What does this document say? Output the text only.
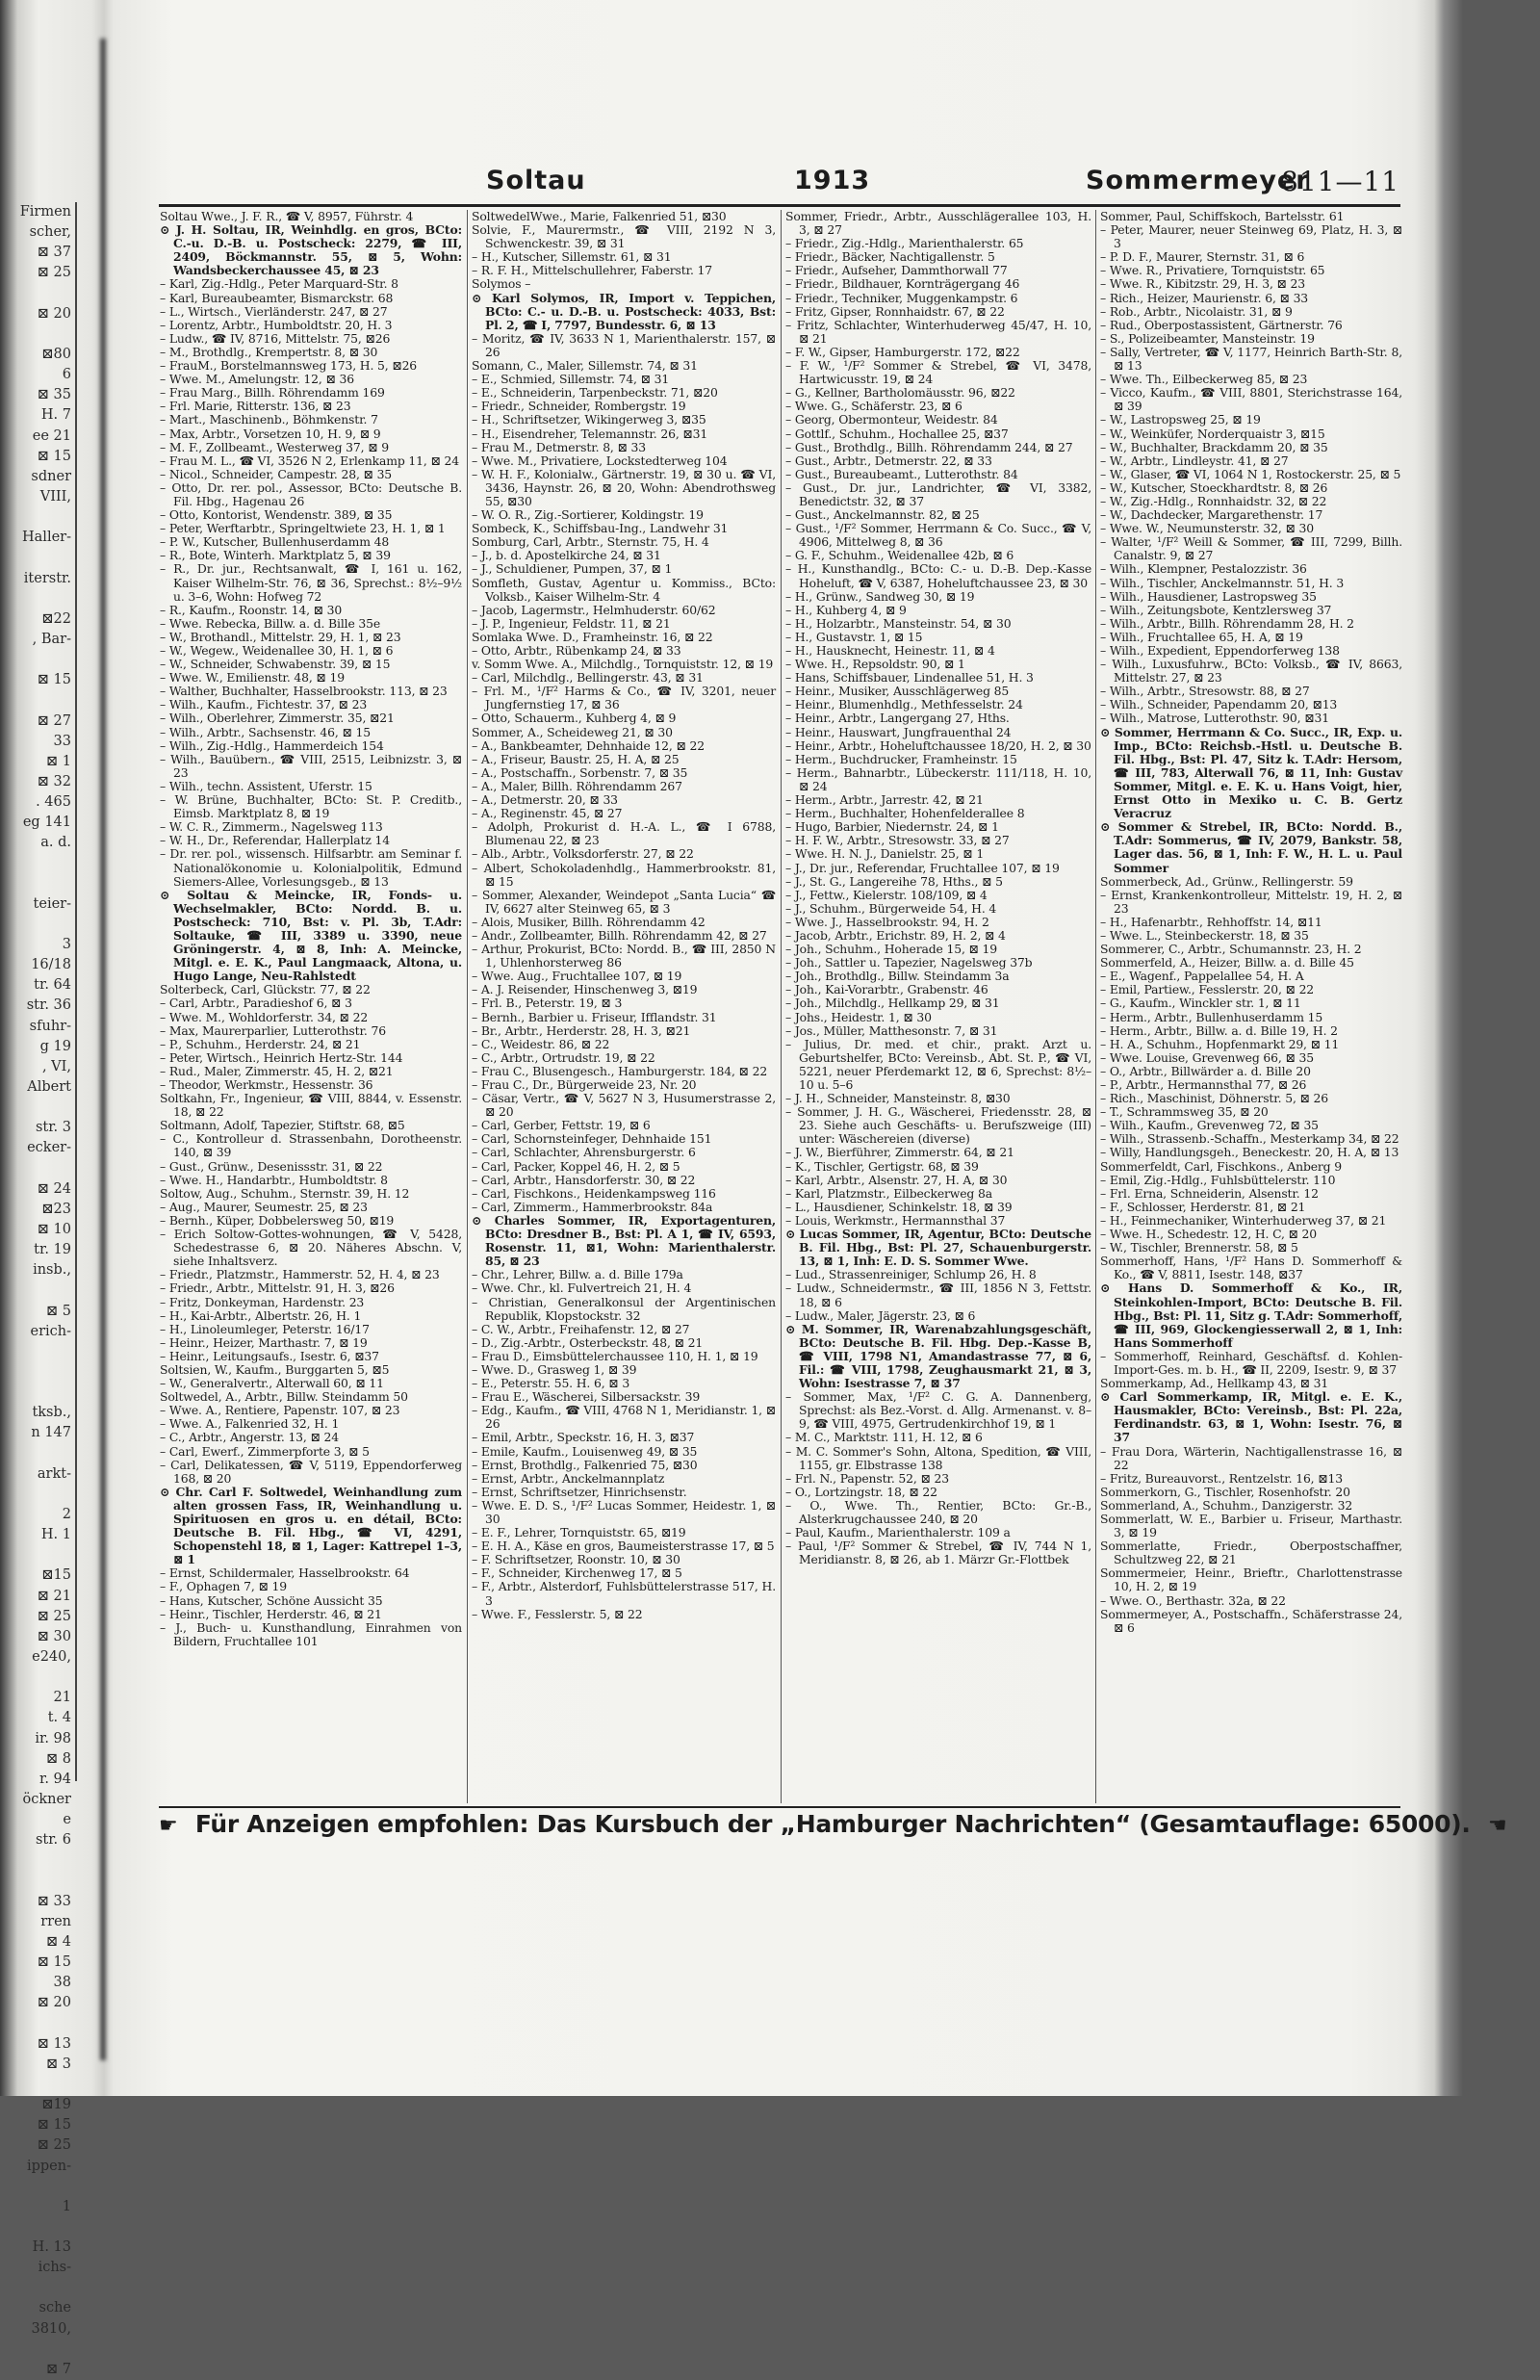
Firmen
scher,
⊠ 37
⊠ 25
⊠ 20
⊠80
6
⊠ 35
H. 7
ee 21
⊠ 15
sdner
VIII,
Haller-
iterstr.
⊠22
, Bar-
⊠ 15
⊠ 27
33
⊠ 1
⊠ 32
. 465
eg 141
a. d.
teier-
3
16/18
tr. 64
str. 36
sfuhr-
g 19
, VI,
Albert
str. 3
ecker-
⊠ 24
⊠23
⊠ 10
tr. 19
insb.,
⊠ 5
erich-
tksb.,
n 147
arkt-
2
H. 1
⊠15
⊠ 21
⊠ 25
⊠ 30
e240,
21
t. 4
ir. 98
⊠ 8
r. 94
öckner
e
str. 6
⊠ 33
rren
⊠ 4
⊠ 15
38
⊠ 20
⊠ 13
⊠ 3
⊠19
⊠ 15
⊠ 25
ippen-
1
H. 13
ichs-
sche
3810,
⊠ 7
Soltau	1913	Sommermeyer
811—11

Soltau Wwe., J. F. R., ☎ V, 8957, Führstr. 4

⊙ J. H. Soltau, IR, Weinhdlg. en gros, BCto: C.-u. D.-B. u. Postscheck: 2279, ☎ III, 2409, Böckmannstr. 55, ⊠ 5, Wohn: Wandsbeckerchaussee 45, ⊠ 23

– Karl, Zig.-Hdlg., Peter Marquard-Str. 8

– Karl, Bureaubeamter, Bismarckstr. 68

– L., Wirtsch., Vierländerstr. 247, ⊠ 27

– Lorentz, Arbtr., Humboldtstr. 20, H. 3

– Ludw., ☎ IV, 8716, Mittelstr. 75, ⊠26

– M., Brothdlg., Krempertstr. 8, ⊠ 30

– FrauM., Borstelmannsweg 173, H. 5, ⊠26

– Wwe. M., Amelungstr. 12, ⊠ 36

– Frau Marg., Billh. Röhrendamm 169

– Frl. Marie, Ritterstr. 136, ⊠ 23

– Mart., Maschinenb., Böhmkenstr. 7

– Max, Arbtr., Vorsetzen 10, H. 9, ⊠ 9

– M. F., Zollbeamt., Westerweg 37, ⊠ 9

– Frau M. L., ☎ VI, 3526 N 2, Erlenkamp 11, ⊠ 24

– Nicol., Schneider, Campestr. 28, ⊠ 35

– Otto, Dr. rer. pol., Assessor, BCto: Deutsche B. Fil. Hbg., Hagenau 26

– Otto, Kontorist, Wendenstr. 389, ⊠ 35

– Peter, Werftarbtr., Springeltwiete 23, H. 1, ⊠ 1

– P. W., Kutscher, Bullenhuserdamm 48

– R., Bote, Winterh. Marktplatz 5, ⊠ 39

– R., Dr. jur., Rechtsanwalt, ☎ I, 161 u. 162, Kaiser Wilhelm-Str. 76, ⊠ 36, Sprechst.: 8½–9½ u. 3–6, Wohn: Hofweg 72

– R., Kaufm., Roonstr. 14, ⊠ 30

– Wwe. Rebecka, Billw. a. d. Bille 35e

– W., Brothandl., Mittelstr. 29, H. 1, ⊠ 23

– W., Wegew., Weidenallee 30, H. 1, ⊠ 6

– W., Schneider, Schwabenstr. 39, ⊠ 15

– Wwe. W., Emilienstr. 48, ⊠ 19

– Walther, Buchhalter, Hasselbrookstr. 113, ⊠ 23

– Wilh., Kaufm., Fichtestr. 37, ⊠ 23

– Wilh., Oberlehrer, Zimmerstr. 35, ⊠21

– Wilh., Arbtr., Sachsenstr. 46, ⊠ 15

– Wilh., Zig.-Hdlg., Hammerdeich 154

– Wilh., Bauübern., ☎ VIII, 2515, Leibnizstr. 3, ⊠ 23

– Wilh., techn. Assistent, Uferstr. 15

– W. Brüne, Buchhalter, BCto: St. P. Creditb., Eimsb. Marktplatz 8, ⊠ 19

– W. C. R., Zimmerm., Nagelsweg 113

– W. H., Dr., Referendar, Hallerplatz 14

– Dr. rer. pol., wissensch. Hilfsarbtr. am Seminar f. Nationalökonomie u. Kolonialpolitik, Edmund Siemers-Allee, Vorlesungsgeb., ⊠ 13

⊙ Soltau & Meincke, IR, Fonds- u. Wechselmakler, BCto: Nordd. B. u. Postscheck: 710, Bst: v. Pl. 3b, T.Adr: Soltauke, ☎ III, 3389 u. 3390, neue Gröningerstr. 4, ⊠ 8, Inh: A. Meincke, Mitgl. e. E. K., Paul Langmaack, Altona, u. Hugo Lange, Neu-Rahlstedt

Solterbeck, Carl, Glückstr. 77, ⊠ 22

– Carl, Arbtr., Paradieshof 6, ⊠ 3

– Wwe. M., Wohldorferstr. 34, ⊠ 22

– Max, Maurerparlier, Lutterothstr. 76

– P., Schuhm., Herderstr. 24, ⊠ 21

– Peter, Wirtsch., Heinrich Hertz-Str. 144

– Rud., Maler, Zimmerstr. 45, H. 2, ⊠21

– Theodor, Werkmstr., Hessenstr. 36

Soltkahn, Fr., Ingenieur, ☎ VIII, 8844, v. Essenstr. 18, ⊠ 22

Soltmann, Adolf, Tapezier, Stiftstr. 68, ⊠5

– C., Kontrolleur d. Strassenbahn, Dorotheenstr. 140, ⊠ 39

– Gust., Grünw., Desenissstr. 31, ⊠ 22

– Wwe. H., Handarbtr., Humboldtstr. 8

Soltow, Aug., Schuhm., Sternstr. 39, H. 12

– Aug., Maurer, Seumestr. 25, ⊠ 23

– Bernh., Küper, Dobbelersweg 50, ⊠19

– Erich Soltow-Gottes-wohnungen, ☎ V, 5428, Schedestrasse 6, ⊠ 20. Näheres Abschn. V, siehe Inhaltsverz.

– Friedr., Platzmstr., Hammerstr. 52, H. 4, ⊠ 23

– Friedr., Arbtr., Mittelstr. 91, H. 3, ⊠26

– Fritz, Donkeyman, Hardenstr. 23

– H., Kai-Arbtr., Albertstr. 26, H. 1

– H., Linoleumleger, Peterstr. 16/17

– Heinr., Heizer, Marthastr. 7, ⊠ 19

– Heinr., Leitungsaufs., Isestr. 6, ⊠37

Soltsien, W., Kaufm., Burggarten 5, ⊠5

– W., Generalvertr., Alterwall 60, ⊠ 11

Soltwedel, A., Arbtr., Billw. Steindamm 50

– Wwe. A., Rentiere, Papenstr. 107, ⊠ 23

– Wwe. A., Falkenried 32, H. 1

– C., Arbtr., Angerstr. 13, ⊠ 24

– Carl, Ewerf., Zimmerpforte 3, ⊠ 5

– Carl, Delikatessen, ☎ V, 5119, Eppendorferweg 168, ⊠ 20

⊙ Chr. Carl F. Soltwedel, Weinhandlung zum alten grossen Fass, IR, Weinhandlung u. Spirituosen en gros u. en détail, BCto: Deutsche B. Fil. Hbg., ☎ VI, 4291, Schopenstehl 18, ⊠ 1, Lager: Kattrepel 1–3, ⊠ 1

– Ernst, Schildermaler, Hasselbrookstr. 64

– F., Ophagen 7, ⊠ 19

– Hans, Kutscher, Schöne Aussicht 35

– Heinr., Tischler, Herderstr. 46, ⊠ 21

– J., Buch- u. Kunsthandlung, Einrahmen von Bildern, Fruchtallee 101

SoltwedelWwe., Marie, Falkenried 51, ⊠30

Solvie, F., Maurermstr., ☎ VIII, 2192 N 3, Schwenckestr. 39, ⊠ 31

– H., Kutscher, Sillemstr. 61, ⊠ 31

– R. F. H., Mittelschullehrer, Faberstr. 17

Solymos –

⊙ Karl Solymos, IR, Import v. Teppichen, BCto: C.- u. D.-B. u. Postscheck: 4033, Bst: Pl. 2, ☎ I, 7797, Bundesstr. 6, ⊠ 13

– Moritz, ☎ IV, 3633 N 1, Marienthalerstr. 157, ⊠ 26

Somann, C., Maler, Sillemstr. 74, ⊠ 31

– E., Schmied, Sillemstr. 74, ⊠ 31

– E., Schneiderin, Tarpenbeckstr. 71, ⊠20

– Friedr., Schneider, Rombergstr. 19

– H., Schriftsetzer, Wikingerweg 3, ⊠35

– H., Eisendreher, Telemannstr. 26, ⊠31

– Frau M., Detmerstr. 8, ⊠ 33

– Wwe. M., Privatiere, Lockstedterweg 104

– W. H. F., Kolonialw., Gärtnerstr. 19, ⊠ 30 u. ☎ VI, 3436, Haynstr. 26, ⊠ 20, Wohn: Abendrothsweg 55, ⊠30

– W. O. R., Zig.-Sortierer, Koldingstr. 19

Sombeck, K., Schiffsbau-Ing., Landwehr 31

Somburg, Carl, Arbtr., Sternstr. 75, H. 4

– J., b. d. Apostelkirche 24, ⊠ 31

– J., Schuldiener, Pumpen, 37, ⊠ 1

Somfleth, Gustav, Agentur u. Kommiss., BCto: Volksb., Kaiser Wilhelm-Str. 4

– Jacob, Lagermstr., Helmhuderstr. 60/62

– J. P., Ingenieur, Feldstr. 11, ⊠ 21

Somlaka Wwe. D., Framheinstr. 16, ⊠ 22

– Otto, Arbtr., Rübenkamp 24, ⊠ 33

v. Somm Wwe. A., Milchdlg., Tornquiststr. 12, ⊠ 19

– Carl, Milchdlg., Bellingerstr. 43, ⊠ 31

– Frl. M., ¹/F² Harms & Co., ☎ IV, 3201, neuer Jungfernstieg 17, ⊠ 36

– Otto, Schauerm., Kuhberg 4, ⊠ 9

Sommer, A., Scheideweg 21, ⊠ 30

– A., Bankbeamter, Dehnhaide 12, ⊠ 22

– A., Friseur, Baustr. 25, H. A, ⊠ 25

– A., Postschaffn., Sorbenstr. 7, ⊠ 35

– A., Maler, Billh. Röhrendamm 267

– A., Detmerstr. 20, ⊠ 33

– A., Reginenstr. 45, ⊠ 27

– Adolph, Prokurist d. H.-A. L., ☎ I 6788, Blumenau 22, ⊠ 23

– Alb., Arbtr., Volksdorferstr. 27, ⊠ 22

– Albert, Schokoladenhdlg., Hammerbrookstr. 81, ⊠ 15

– Sommer, Alexander, Weindepot „Santa Lucia“ ☎ IV, 6627 alter Steinweg 65, ⊠ 3

– Alois, Musiker, Billh. Röhrendamm 42

– Andr., Zollbeamter, Billh. Röhrendamm 42, ⊠ 27

– Arthur, Prokurist, BCto: Nordd. B., ☎ III, 2850 N 1, Uhlenhorsterweg 86

– Wwe. Aug., Fruchtallee 107, ⊠ 19

– A. J. Reisender, Hinschenweg 3, ⊠19

– Frl. B., Peterstr. 19, ⊠ 3

– Bernh., Barbier u. Friseur, Ifflandstr. 31

– Br., Arbtr., Herderstr. 28, H. 3, ⊠21

– C., Weidestr. 86, ⊠ 22

– C., Arbtr., Ortrudstr. 19, ⊠ 22

– Frau C., Blusengesch., Hamburgerstr. 184, ⊠ 22

– Frau C., Dr., Bürgerweide 23, Nr. 20

– Cäsar, Vertr., ☎ V, 5627 N 3, Husumerstrasse 2, ⊠ 20

– Carl, Gerber, Fettstr. 19, ⊠ 6

– Carl, Schornsteinfeger, Dehnhaide 151

– Carl, Schlachter, Ahrensburgerstr. 6

– Carl, Packer, Koppel 46, H. 2, ⊠ 5

– Carl, Arbtr., Hansdorferstr. 30, ⊠ 22

– Carl, Fischkons., Heidenkampsweg 116

– Carl, Zimmerm., Hammerbrookstr. 84a

⊙ Charles Sommer, IR, Exportagenturen, BCto: Dresdner B., Bst: Pl. A 1, ☎ IV, 6593, Rosenstr. 11, ⊠1, Wohn: Marienthalerstr. 85, ⊠ 23

– Chr., Lehrer, Billw. a. d. Bille 179a

– Wwe. Chr., kl. Fulvertreich 21, H. 4

– Christian, Generalkonsul der Argentinischen Republik, Klopstockstr. 32

– C. W., Arbtr., Freihafenstr. 12, ⊠ 27

– D., Zig.-Arbtr., Osterbeckstr. 48, ⊠ 21

– Frau D., Eimsbüttelerchaussee 110, H. 1, ⊠ 19

– Wwe. D., Grasweg 1, ⊠ 39

– E., Peterstr. 55. H. 6, ⊠ 3

– Frau E., Wäscherei, Silbersackstr. 39

– Edg., Kaufm., ☎ VIII, 4768 N 1, Meridianstr. 1, ⊠ 26

– Emil, Arbtr., Speckstr. 16, H. 3, ⊠37

– Emile, Kaufm., Louisenweg 49, ⊠ 35

– Ernst, Brothdlg., Falkenried 75, ⊠30

– Ernst, Arbtr., Anckelmannplatz

– Ernst, Schriftsetzer, Hinrichsenstr.

– Wwe. E. D. S., ¹/F² Lucas Sommer, Heidestr. 1, ⊠ 30

– E. F., Lehrer, Tornquiststr. 65, ⊠19

– E. H. A., Käse en gros, Baumeisterstrasse 17, ⊠ 5

– F. Schriftsetzer, Roonstr. 10, ⊠ 30

– F., Schneider, Kirchenweg 17, ⊠ 5

– F., Arbtr., Alsterdorf, Fuhlsbüttelerstrasse 517, H. 3

– Wwe. F., Fesslerstr. 5, ⊠ 22

Sommer, Friedr., Arbtr., Ausschlägerallee 103, H. 3, ⊠ 27

– Friedr., Zig.-Hdlg., Marienthalerstr. 65

– Friedr., Bäcker, Nachtigallenstr. 5

– Friedr., Aufseher, Dammthorwall 77

– Friedr., Bildhauer, Kornträgergang 46

– Friedr., Techniker, Muggenkampstr. 6

– Fritz, Gipser, Ronnhaidstr. 67, ⊠ 22

– Fritz, Schlachter, Winterhuderweg 45/47, H. 10, ⊠ 21

– F. W., Gipser, Hamburgerstr. 172, ⊠22

– F. W., ¹/F² Sommer & Strebel, ☎ VI, 3478, Hartwicusstr. 19, ⊠ 24

– G., Kellner, Bartholomäusstr. 96, ⊠22

– Wwe. G., Schäferstr. 23, ⊠ 6

– Georg, Obermonteur, Weidestr. 84

– Gottlf., Schuhm., Hochallee 25, ⊠37

– Gust., Brothdlg., Billh. Röhrendamm 244, ⊠ 27

– Gust., Arbtr., Detmerstr. 22, ⊠ 33

– Gust., Bureaubeamt., Lutterothstr. 84

– Gust., Dr. jur., Landrichter, ☎ VI, 3382, Benedictstr. 32, ⊠ 37

– Gust., Anckelmannstr. 82, ⊠ 25

– Gust., ¹/F² Sommer, Herrmann & Co. Succ., ☎ V, 4906, Mittelweg 8, ⊠ 36

– G. F., Schuhm., Weidenallee 42b, ⊠ 6

– H., Kunsthandlg., BCto: C.- u. D.-B. Dep.-Kasse Hoheluft, ☎ V, 6387, Hoheluftchaussee 23, ⊠ 30

– H., Grünw., Sandweg 30, ⊠ 19

– H., Kuhberg 4, ⊠ 9

– H., Holzarbtr., Mansteinstr. 54, ⊠ 30

– H., Gustavstr. 1, ⊠ 15

– H., Hausknecht, Heinestr. 11, ⊠ 4

– Wwe. H., Repsoldstr. 90, ⊠ 1

– Hans, Schiffsbauer, Lindenallee 51, H. 3

– Heinr., Musiker, Ausschlägerweg 85

– Heinr., Blumenhdlg., Methfesselstr. 24

– Heinr., Arbtr., Langergang 27, Hths.

– Heinr., Hauswart, Jungfrauenthal 24

– Heinr., Arbtr., Hoheluftchaussee 18/20, H. 2, ⊠ 30

– Herm., Buchdrucker, Framheinstr. 15

– Herm., Bahnarbtr., Lübeckerstr. 111/118, H. 10, ⊠ 24

– Herm., Arbtr., Jarrestr. 42, ⊠ 21

– Herm., Buchhalter, Hohenfelderallee 8

– Hugo, Barbier, Niedernstr. 24, ⊠ 1

– H. F. W., Arbtr., Stresowstr. 33, ⊠ 27

– Wwe. H. N. J., Danielstr. 25, ⊠ 1

– J., Dr. jur., Referendar, Fruchtallee 107, ⊠ 19

– J., St. G., Langereihe 78, Hths., ⊠ 5

– J., Fettw., Kielerstr. 108/109, ⊠ 4

– J., Schuhm., Bürgerweide 54, H. 4

– Wwe. J., Hasselbrookstr. 94, H. 2

– Jacob, Arbtr., Erichstr. 89, H. 2, ⊠ 4

– Joh., Schuhm., Hoherade 15, ⊠ 19

– Joh., Sattler u. Tapezier, Nagelsweg 37b

– Joh., Brothdlg., Billw. Steindamm 3a

– Joh., Kai-Vorarbtr., Grabenstr. 46

– Joh., Milchdlg., Hellkamp 29, ⊠ 31

– Johs., Heidestr. 1, ⊠ 30

– Jos., Müller, Matthesonstr. 7, ⊠ 31

– Julius, Dr. med. et chir., prakt. Arzt u. Geburtshelfer, BCto: Vereinsb., Abt. St. P., ☎ VI, 5221, neuer Pferdemarkt 12, ⊠ 6, Sprechst: 8½–10 u. 5–6

– J. H., Schneider, Mansteinstr. 8, ⊠30

– Sommer, J. H. G., Wäscherei, Friedensstr. 28, ⊠ 23. Siehe auch Geschäfts- u. Berufszweige (III) unter: Wäschereien (diverse)

– J. W., Bierführer, Zimmerstr. 64, ⊠ 21

– K., Tischler, Gertigstr. 68, ⊠ 39

– Karl, Arbtr., Alsenstr. 27, H. A, ⊠ 30

– Karl, Platzmstr., Eilbeckerweg 8a

– L., Hausdiener, Schinkelstr. 18, ⊠ 39

– Louis, Werkmstr., Hermannsthal 37

⊙ Lucas Sommer, IR, Agentur, BCto: Deutsche B. Fil. Hbg., Bst: Pl. 27, Schauenburgerstr. 13, ⊠ 1, Inh: E. D. S. Sommer Wwe.

– Lud., Strassenreiniger, Schlump 26, H. 8

– Ludw., Schneidermstr., ☎ III, 1856 N 3, Fettstr. 18, ⊠ 6

– Ludw., Maler, Jägerstr. 23, ⊠ 6

⊙ M. Sommer, IR, Warenabzahlungsgeschäft, BCto: Deutsche B. Fil. Hbg. Dep.-Kasse B, ☎ VIII, 1798 N1, Amandastrasse 77, ⊠ 6, Fil.: ☎ VIII, 1798, Zeughausmarkt 21, ⊠ 3, Wohn: Isestrasse 7, ⊠ 37

– Sommer, Max, ¹/F² C. G. A. Dannenberg, Sprechst: als Bez.-Vorst. d. Allg. Armenanst. v. 8–9, ☎ VIII, 4975, Gertrudenkirchhof 19, ⊠ 1

– M. C., Marktstr. 111, H. 12, ⊠ 6

– M. C. Sommer's Sohn, Altona, Spedition, ☎ VIII, 1155, gr. Elbstrasse 138

– Frl. N., Papenstr. 52, ⊠ 23

– O., Lortzingstr. 18, ⊠ 22

– O., Wwe. Th., Rentier, BCto: Gr.-B., Alsterkrugchaussee 240, ⊠ 20

– Paul, Kaufm., Marienthalerstr. 109 a

– Paul, ¹/F² Sommer & Strebel, ☎ IV, 744 N 1, Meridianstr. 8, ⊠ 26, ab 1. Märzr Gr.-Flottbek

Sommer, Paul, Schiffskoch, Bartelsstr. 61

– Peter, Maurer, neuer Steinweg 69, Platz, H. 3, ⊠ 3

– P. D. F., Maurer, Sternstr. 31, ⊠ 6

– Wwe. R., Privatiere, Tornquiststr. 65

– Wwe. R., Kibitzstr. 29, H. 3, ⊠ 23

– Rich., Heizer, Maurienstr. 6, ⊠ 33

– Rob., Arbtr., Nicolaistr. 31, ⊠ 9

– Rud., Oberpostassistent, Gärtnerstr. 76

– S., Polizeibeamter, Mansteinstr. 19

– Sally, Vertreter, ☎ V, 1177, Heinrich Barth-Str. 8, ⊠ 13

– Wwe. Th., Eilbeckerweg 85, ⊠ 23

– Vicco, Kaufm., ☎ VIII, 8801, Sterichstrasse 164, ⊠ 39

– W., Lastropsweg 25, ⊠ 19

– W., Weinküfer, Norderquaistr 3, ⊠15

– W., Buchhalter, Brackdamm 20, ⊠ 35

– W., Arbtr., Lindleystr. 41, ⊠ 27

– W., Glaser, ☎ VI, 1064 N 1, Rostockerstr. 25, ⊠ 5

– W., Kutscher, Stoeckhardtstr. 8, ⊠ 26

– W., Zig.-Hdlg., Ronnhaidstr. 32, ⊠ 22

– W., Dachdecker, Margarethenstr. 17

– Wwe. W., Neumunsterstr. 32, ⊠ 30

– Walter, ¹/F² Weill & Sommer, ☎ III, 7299, Billh. Canalstr. 9, ⊠ 27

– Wilh., Klempner, Pestalozzistr. 36

– Wilh., Tischler, Anckelmannstr. 51, H. 3

– Wilh., Hausdiener, Lastropsweg 35

– Wilh., Zeitungsbote, Kentzlersweg 37

– Wilh., Arbtr., Billh. Röhrendamm 28, H. 2

– Wilh., Fruchtallee 65, H. A, ⊠ 19

– Wilh., Expedient, Eppendorferweg 138

– Wilh., Luxusfuhrw., BCto: Volksb., ☎ IV, 8663, Mittelstr. 27, ⊠ 23

– Wilh., Arbtr., Stresowstr. 88, ⊠ 27

– Wilh., Schneider, Papendamm 20, ⊠13

– Wilh., Matrose, Lutterothstr. 90, ⊠31

⊙ Sommer, Herrmann & Co. Succ., IR, Exp. u. Imp., BCto: Reichsb.-Hstl. u. Deutsche B. Fil. Hbg., Bst: Pl. 47, Sitz k. T.Adr: Hersom, ☎ III, 783, Alterwall 76, ⊠ 11, Inh: Gustav Sommer, Mitgl. e. E. K. u. Hans Voigt, hier, Ernst Otto in Mexiko u. C. B. Gertz Veracruz

⊙ Sommer & Strebel, IR, BCto: Nordd. B., T.Adr: Sommerus, ☎ IV, 2079, Bankstr. 58, Lager das. 56, ⊠ 1, Inh: F. W., H. L. u. Paul Sommer

Sommerbeck, Ad., Grünw., Rellingerstr. 59

– Ernst, Krankenkontrolleur, Mittelstr. 19, H. 2, ⊠ 23

– H., Hafenarbtr., Rehhoffstr. 14, ⊠11

– Wwe. L., Steinbeckerstr. 18, ⊠ 35

Sommerer, C., Arbtr., Schumannstr. 23, H. 2

Sommerfeld, A., Heizer, Billw. a. d. Bille 45

– E., Wagenf., Pappelallee 54, H. A

– Emil, Partiew., Fesslerstr. 20, ⊠ 22

– G., Kaufm., Winckler str. 1, ⊠ 11

– Herm., Arbtr., Bullenhuserdamm 15

– Herm., Arbtr., Billw. a. d. Bille 19, H. 2

– H. A., Schuhm., Hopfenmarkt 29, ⊠ 11

– Wwe. Louise, Grevenweg 66, ⊠ 35

– O., Arbtr., Billwärder a. d. Bille 20

– P., Arbtr., Hermannsthal 77, ⊠ 26

– Rich., Maschinist, Döhnerstr. 5, ⊠ 26

– T., Schrammsweg 35, ⊠ 20

– Wilh., Kaufm., Grevenweg 72, ⊠ 35

– Wilh., Strassenb.-Schaffn., Mesterkamp 34, ⊠ 22

– Willy, Handlungsgeh., Beneckestr. 20, H. A, ⊠ 13

Sommerfeldt, Carl, Fischkons., Anberg 9

– Emil, Zig.-Hdlg., Fuhlsbüttelerstr. 110

– Frl. Erna, Schneiderin, Alsenstr. 12

– F., Schlosser, Herderstr. 81, ⊠ 21

– H., Feinmechaniker, Winterhuderweg 37, ⊠ 21

– Wwe. H., Schedestr. 12, H. C, ⊠ 20

– W., Tischler, Brennerstr. 58, ⊠ 5

Sommerhoff, Hans, ¹/F² Hans D. Sommerhoff & Ko., ☎ V, 8811, Isestr. 148, ⊠37

⊙ Hans D. Sommerhoff & Ko., IR, Steinkohlen-Import, BCto: Deutsche B. Fil. Hbg., Bst: Pl. 11, Sitz g. T.Adr: Sommerhoff, ☎ III, 969, Glockengiesserwall 2, ⊠ 1, Inh: Hans Sommerhoff

– Sommerhoff, Reinhard, Geschäftsf. d. Kohlen-Import-Ges. m. b. H., ☎ II, 2209, Isestr. 9, ⊠ 37

Sommerkamp, Ad., Hellkamp 43, ⊠ 31

⊙ Carl Sommerkamp, IR, Mitgl. e. E. K., Hausmakler, BCto: Vereinsb., Bst: Pl. 22a, Ferdinandstr. 63, ⊠ 1, Wohn: Isestr. 76, ⊠ 37

– Frau Dora, Wärterin, Nachtigallenstrasse 16, ⊠ 22

– Fritz, Bureauvorst., Rentzelstr. 16, ⊠13

Sommerkorn, G., Tischler, Rosenhofstr. 20

Sommerland, A., Schuhm., Danzigerstr. 32

Sommerlatt, W. E., Barbier u. Friseur, Marthastr. 3, ⊠ 19

Sommerlatte, Friedr., Oberpostschaffner, Schultzweg 22, ⊠ 21

Sommermeier, Heinr., Brieftr., Charlottenstrasse 10, H. 2, ⊠ 19

– Wwe. O., Berthastr. 32a, ⊠ 22

Sommermeyer, A., Postschaffn., Schäferstrasse 24, ⊠ 6

☛ Für Anzeigen empfohlen: Das Kursbuch der „Hamburger Nachrichten“ (Gesamtauflage: 65000). ☚
